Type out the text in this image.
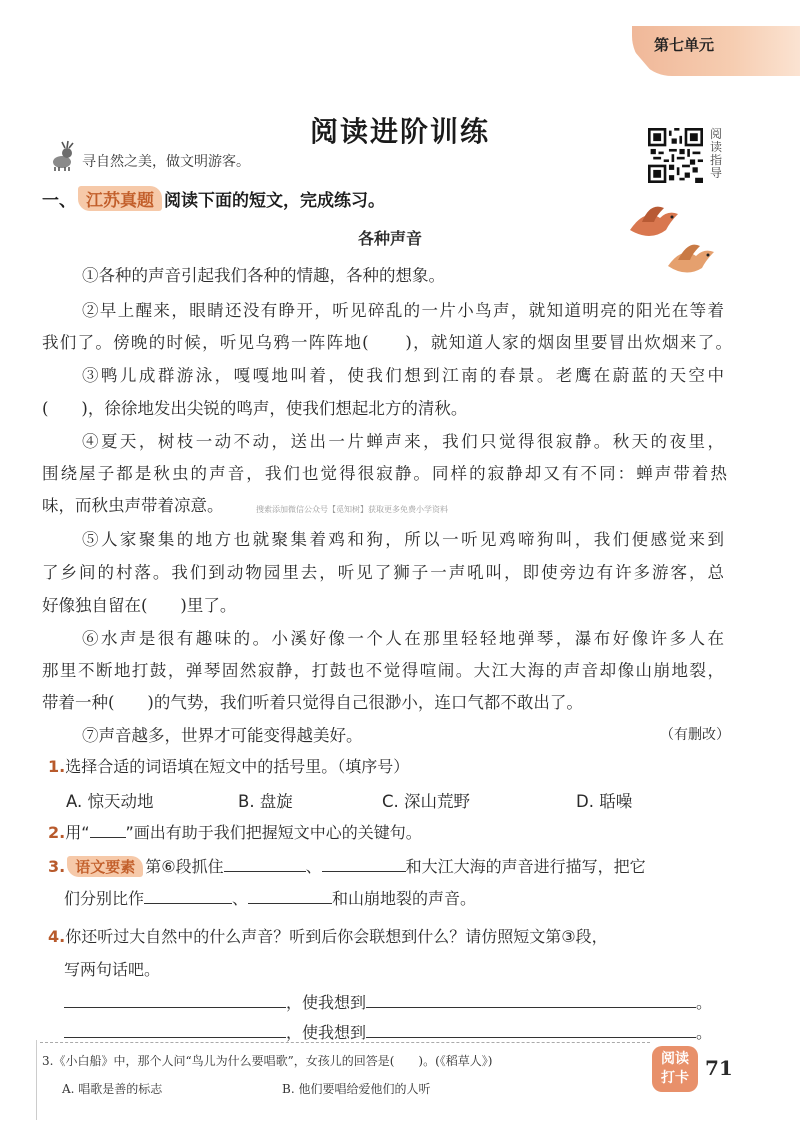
第七单元
阅读进阶训练	阅读指导
寻自然之美，做文明游客。
一、 江苏真题 阅读下面的短文，完成练习。
各种声音
①各种的声音引起我们各种的情趣，各种的想象。
②早上醒来，眼睛还没有睁开，听见碎乱的一片小鸟声，就知道明亮的阳光在等着
我们了。傍晚的时候，听见乌鸦一阵阵地(　　)，就知道人家的烟囱里要冒出炊烟来了。
③鸭儿成群游泳，嘎嘎地叫着，使我们想到江南的春景。老鹰在蔚蓝的天空中
(　　)，徐徐地发出尖锐的鸣声，使我们想起北方的清秋。
④夏天，树枝一动不动，送出一片蝉声来，我们只觉得很寂静。秋天的夜里，
围绕屋子都是秋虫的声音，我们也觉得很寂静。同样的寂静却又有不同：蝉声带着热
味，而秋虫声带着凉意。	搜索添加微信公众号【觅知树】获取更多免费小学资料
⑤人家聚集的地方也就聚集着鸡和狗，所以一听见鸡啼狗叫，我们便感觉来到
了乡间的村落。我们到动物园里去，听见了狮子一声吼叫，即使旁边有许多游客，总
好像独自留在(　　)里了。
⑥水声是很有趣味的。小溪好像一个人在那里轻轻地弹琴，瀑布好像许多人在
那里不断地打鼓，弹琴固然寂静，打鼓也不觉得喧闹。大江大海的声音却像山崩地裂，
带着一种(　　)的气势，我们听着只觉得自己很渺小，连口气都不敢出了。
⑦声音越多，世界才可能变得越美好。	（有删改）
1.选择合适的词语填在短文中的括号里。（填序号）
A. 惊天动地	B. 盘旋	C. 深山荒野	D. 聒噪
2.用“ ”画出有助于我们把握短文中心的关键句。
3. 语文要素 第⑥段抓住	、	和大江大海的声音进行描写，把它
们分别比作	、	和山崩地裂的声音。
4.你还听过大自然中的什么声音？听到后你会联想到什么？请仿照短文第③段，
写两句话吧。
，使我想到	。
，使我想到	。
3.《小白船》中，那个人问“鸟儿为什么要唱歌”，女孩儿的回答是(　　)。(《稻草人》)
A. 唱歌是善的标志	B. 他们要唱给爱他们的人听
阅读
打卡 71
